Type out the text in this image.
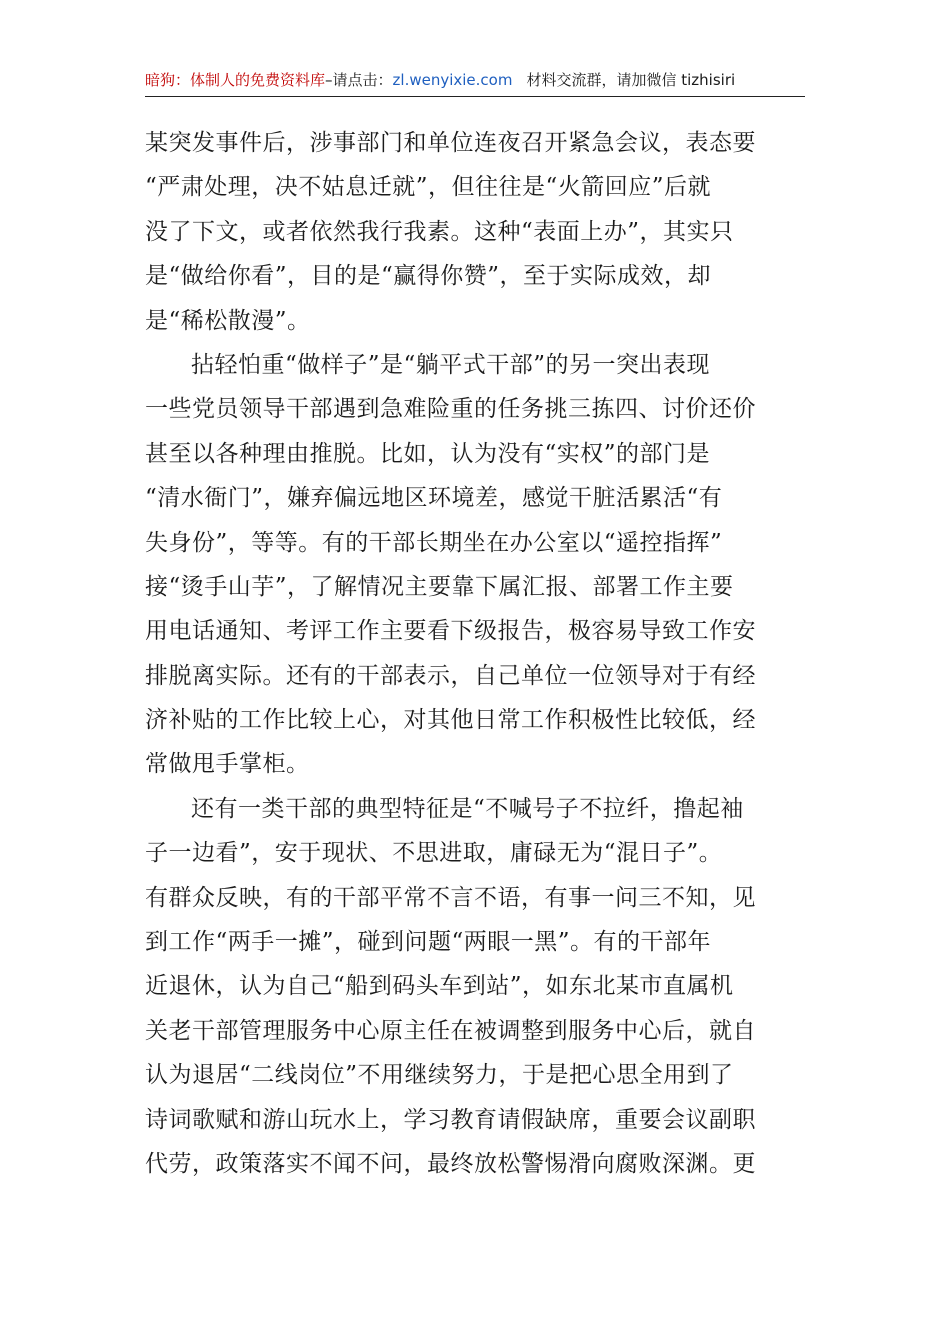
暗狗：体制人的免费资料库–请点击：zl.wenyixie.com 材料交流群，请加微信 tizhisiri

某突发事件后，涉事部门和单位连夜召开紧急会议，表态要
“严肃处理，决不姑息迁就”，但往往是“火箭回应”后就
没了下文，或者依然我行我素。这种“表面上办”，其实只
是“做给你看”，目的是“赢得你赞”，至于实际成效，却
是“稀松散漫”。

拈轻怕重“做样子”是“躺平式干部”的另一突出表现
一些党员领导干部遇到急难险重的任务挑三拣四、讨价还价
甚至以各种理由推脱。比如，认为没有“实权”的部门是
“清水衙门”，嫌弃偏远地区环境差，感觉干脏活累活“有
失身份”，等等。有的干部长期坐在办公室以“遥控指挥”
接“烫手山芋”，了解情况主要靠下属汇报、部署工作主要
用电话通知、考评工作主要看下级报告，极容易导致工作安
排脱离实际。还有的干部表示，自己单位一位领导对于有经
济补贴的工作比较上心，对其他日常工作积极性比较低，经
常做甩手掌柜。

还有一类干部的典型特征是“不喊号子不拉纤，撸起袖
子一边看”，安于现状、不思进取，庸碌无为“混日子”。
有群众反映，有的干部平常不言不语，有事一问三不知，见
到工作“两手一摊”，碰到问题“两眼一黑”。有的干部年
近退休，认为自己“船到码头车到站”，如东北某市直属机
关老干部管理服务中心原主任在被调整到服务中心后，就自
认为退居“二线岗位”不用继续努力，于是把心思全用到了
诗词歌赋和游山玩水上，学习教育请假缺席，重要会议副职
代劳，政策落实不闻不问，最终放松警惕滑向腐败深渊。更
